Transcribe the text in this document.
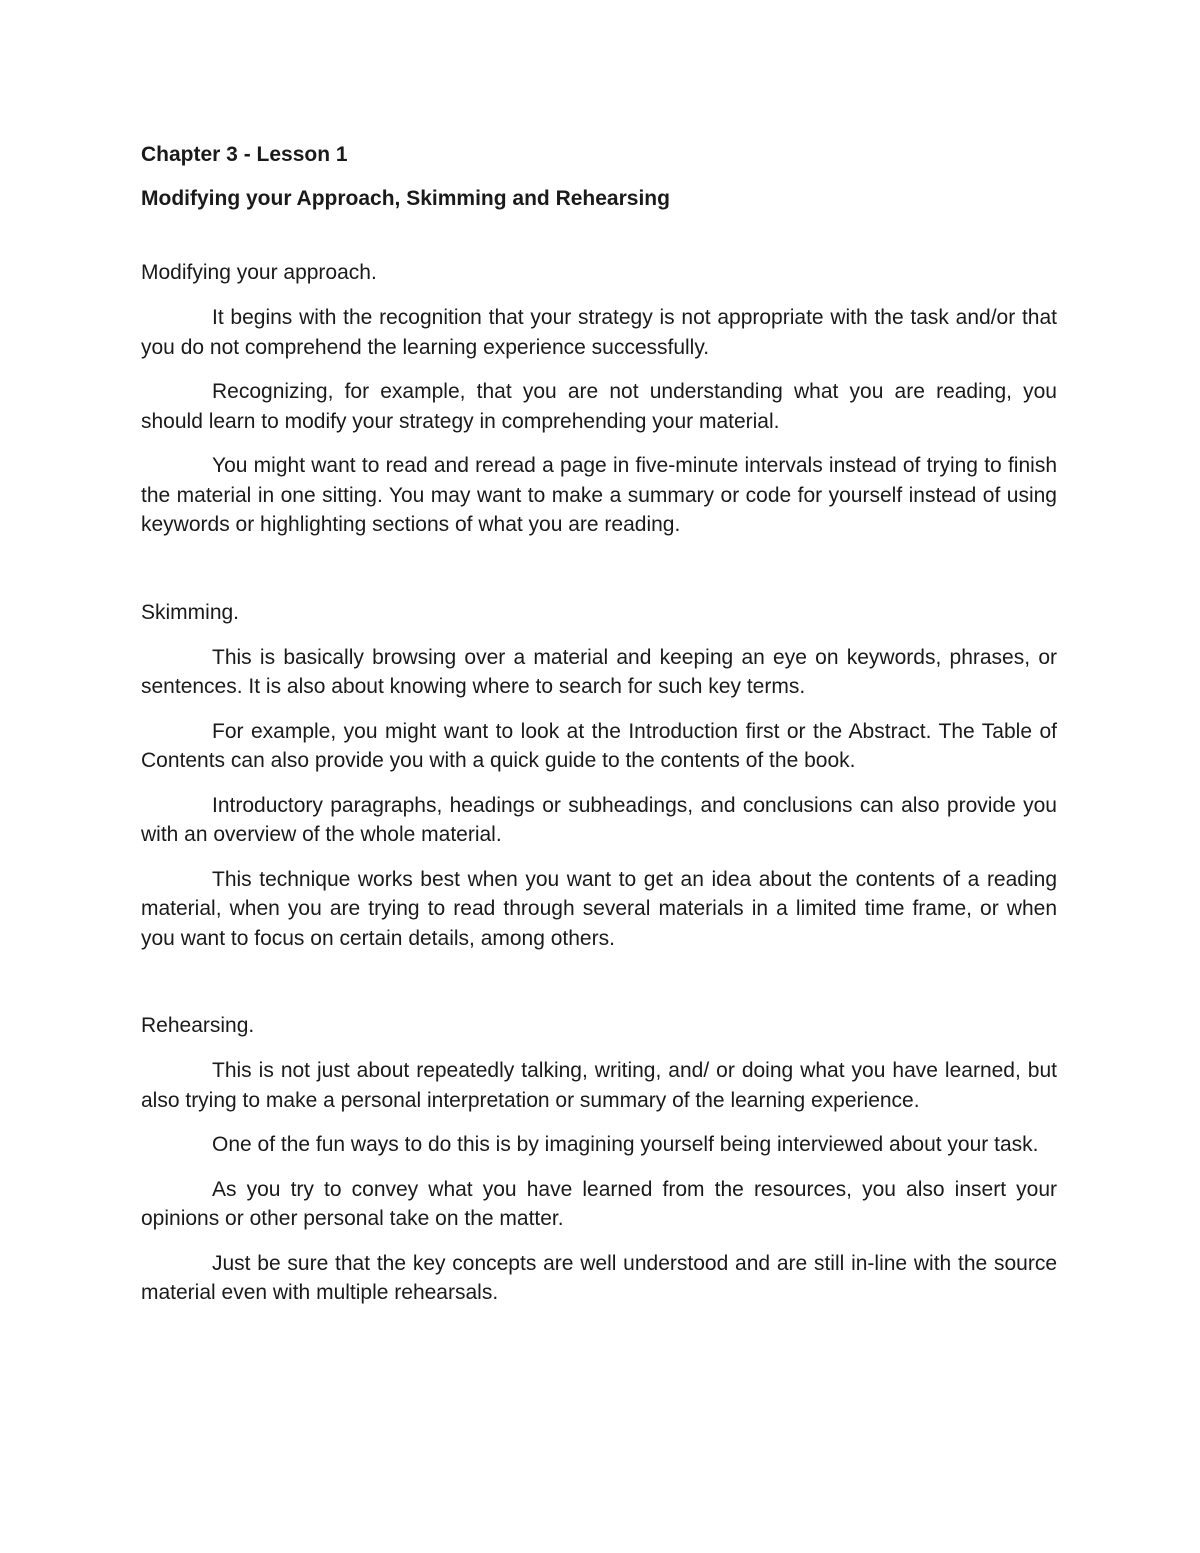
Chapter 3 - Lesson 1
Modifying your Approach, Skimming and Rehearsing

Modifying your approach.

It begins with the recognition that your strategy is not appropriate with the task and/or that you do not comprehend the learning experience successfully.

Recognizing, for example, that you are not understanding what you are reading, you should learn to modify your strategy in comprehending your material.

You might want to read and reread a page in five-minute intervals instead of trying to finish the material in one sitting. You may want to make a summary or code for yourself instead of using keywords or highlighting sections of what you are reading.

Skimming.

This is basically browsing over a material and keeping an eye on keywords, phrases, or sentences. It is also about knowing where to search for such key terms.

For example, you might want to look at the Introduction first or the Abstract. The Table of Contents can also provide you with a quick guide to the contents of the book.

Introductory paragraphs, headings or subheadings, and conclusions can also provide you with an overview of the whole material.

This technique works best when you want to get an idea about the contents of a reading material, when you are trying to read through several materials in a limited time frame, or when you want to focus on certain details, among others.

Rehearsing.

This is not just about repeatedly talking, writing, and/ or doing what you have learned, but also trying to make a personal interpretation or summary of the learning experience.

One of the fun ways to do this is by imagining yourself being interviewed about your task.

As you try to convey what you have learned from the resources, you also insert your opinions or other personal take on the matter.

Just be sure that the key concepts are well understood and are still in-line with the source material even with multiple rehearsals.
